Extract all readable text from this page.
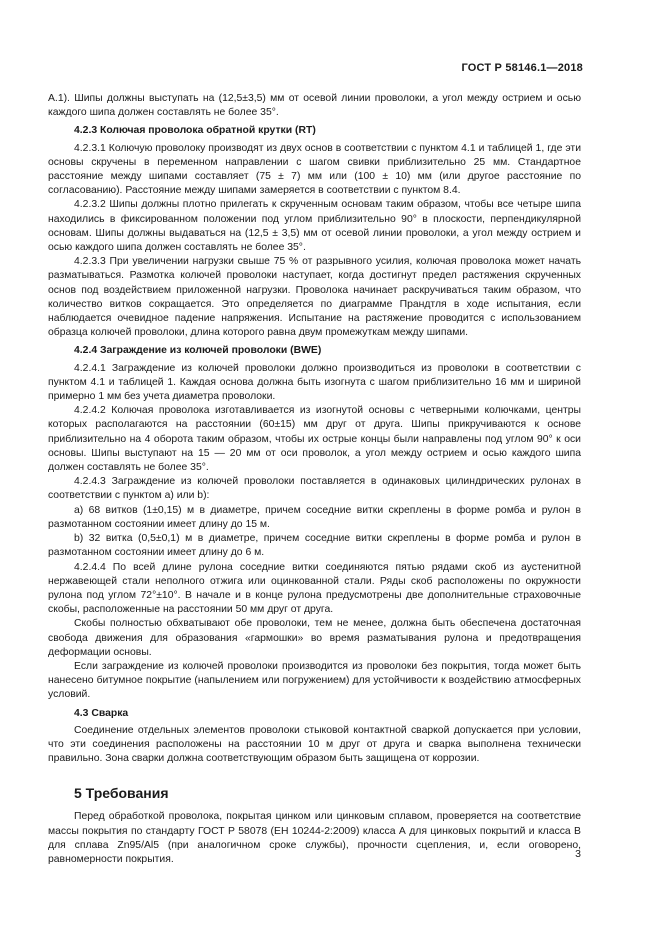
ГОСТ Р 58146.1—2018

А.1). Шипы должны выступать на (12,5±3,5) мм от осевой линии проволоки, а угол между острием и осью каждого шипа должен составлять не более 35°.

4.2.3 Колючая проволока обратной крутки (RT)

4.2.3.1 Колючую проволоку производят из двух основ в соответствии с пунктом 4.1 и таблицей 1, где эти основы скручены в переменном направлении с шагом свивки приблизительно 25 мм. Стандартное расстояние между шипами составляет (75 ± 7) мм или (100 ± 10) мм (или другое расстояние по согласованию). Расстояние между шипами замеряется в соответствии с пунктом 8.4.

4.2.3.2 Шипы должны плотно прилегать к скрученным основам таким образом, чтобы все четыре шипа находились в фиксированном положении под углом приблизительно 90° в плоскости, перпендикулярной основам. Шипы должны выдаваться на (12,5 ± 3,5) мм от осевой линии проволоки, а угол между острием и осью каждого шипа должен составлять не более 35°.

4.2.3.3 При увеличении нагрузки свыше 75 % от разрывного усилия, колючая проволока может начать разматываться. Размотка колючей проволоки наступает, когда достигнут предел растяжения скрученных основ под воздействием приложенной нагрузки. Проволока начинает раскручиваться таким образом, что количество витков сокращается. Это определяется по диаграмме Прандтля в ходе испытания, если наблюдается очевидное падение напряжения. Испытание на растяжение проводится с использованием образца колючей проволоки, длина которого равна двум промежуткам между шипами.

4.2.4 Заграждение из колючей проволоки (BWE)

4.2.4.1 Заграждение из колючей проволоки должно производиться из проволоки в соответствии с пунктом 4.1 и таблицей 1. Каждая основа должна быть изогнута с шагом приблизительно 16 мм и шириной примерно 1 мм без учета диаметра проволоки.

4.2.4.2 Колючая проволока изготавливается из изогнутой основы с четверными колючками, центры которых располагаются на расстоянии (60±15) мм друг от друга. Шипы прикручиваются к основе приблизительно на 4 оборота таким образом, чтобы их острые концы были направлены под углом 90° к оси основы. Шипы выступают на 15 — 20 мм от оси проволок, а угол между острием и осью каждого шипа должен составлять не более 35°.

4.2.4.3 Заграждение из колючей проволоки поставляется в одинаковых цилиндрических рулонах в соответствии с пунктом а) или b):

a) 68 витков (1±0,15) м в диаметре, причем соседние витки скреплены в форме ромба и рулон в размотанном состоянии имеет длину до 15 м.

b) 32 витка (0,5±0,1) м в диаметре, причем соседние витки скреплены в форме ромба и рулон в размотанном состоянии имеет длину до 6 м.

4.2.4.4 По всей длине рулона соседние витки соединяются пятью рядами скоб из аустенитной нержавеющей стали неполного отжига или оцинкованной стали. Ряды скоб расположены по окружности рулона под углом 72°±10°. В начале и в конце рулона предусмотрены две дополнительные страховочные скобы, расположенные на расстоянии 50 мм друг от друга.

Скобы полностью обхватывают обе проволоки, тем не менее, должна быть обеспечена достаточная свобода движения для образования «гармошки» во время разматывания рулона и предотвращения деформации основы.

Если заграждение из колючей проволоки производится из проволоки без покрытия, тогда может быть нанесено битумное покрытие (напылением или погружением) для устойчивости к воздействию атмосферных условий.

4.3 Сварка

Соединение отдельных элементов проволоки стыковой контактной сваркой допускается при условии, что эти соединения расположены на расстоянии 10 м друг от друга и сварка выполнена технически правильно. Зона сварки должна соответствующим образом быть защищена от коррозии.

5 Требования

Перед обработкой проволока, покрытая цинком или цинковым сплавом, проверяется на соответствие массы покрытия по стандарту ГОСТ Р 58078 (ЕН 10244-2:2009) класса А для цинковых покрытий и класса В для сплава Zn95/Al5 (при аналогичном сроке службы), прочности сцепления, и, если оговорено, равномерности покрытия.	3
